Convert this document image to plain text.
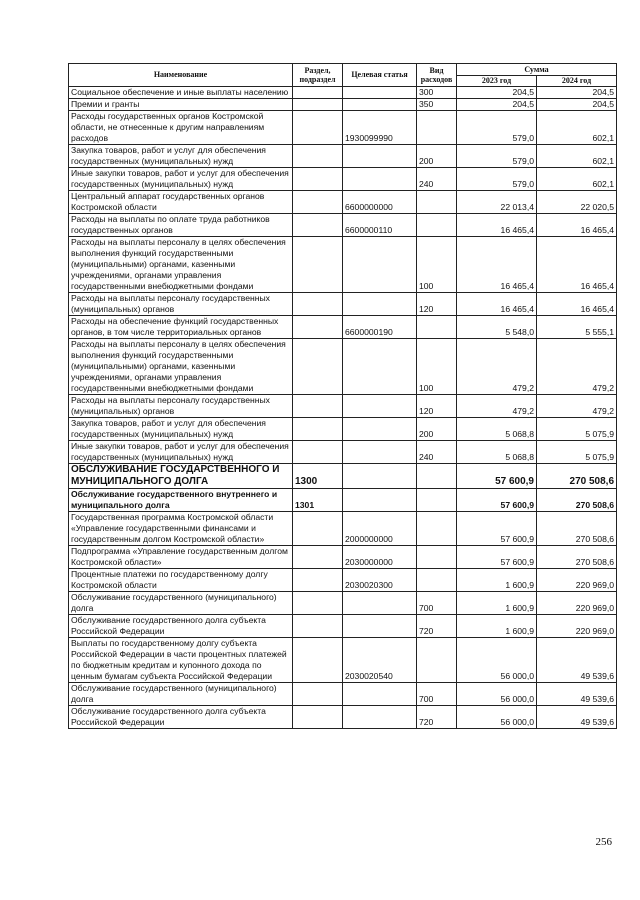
Наименование	Раздел, подраздел	Целевая статья	Вид расходов	Сумма	
				2023 год	2024 год
Социальное обеспечение и иные выплаты населению			300	204,5	204,5
Премии и гранты			350	204,5	204,5
Расходы государственных органов Костромской области, не отнесенные к другим направлениям расходов		1930099990		579,0	602,1
Закупка товаров, работ и услуг для обеспечения государственных (муниципальных) нужд			200	579,0	602,1
Иные закупки товаров, работ и услуг для обеспечения государственных (муниципальных) нужд			240	579,0	602,1
Центральный аппарат государственных органов Костромской области		6600000000		22 013,4	22 020,5
Расходы на выплаты по оплате труда работников государственных органов		6600000110		16 465,4	16 465,4
Расходы на выплаты персоналу в целях обеспечения выполнения функций государственными (муниципальными) органами, казенными учреждениями, органами управления государственными внебюджетными фондами			100	16 465,4	16 465,4
Расходы на выплаты персоналу государственных (муниципальных) органов			120	16 465,4	16 465,4
Расходы на обеспечение функций государственных органов, в том числе территориальных органов		6600000190		5 548,0	5 555,1
Расходы на выплаты персоналу в целях обеспечения выполнения функций государственными (муниципальными) органами, казенными учреждениями, органами управления государственными внебюджетными фондами			100	479,2	479,2
Расходы на выплаты персоналу государственных (муниципальных) органов			120	479,2	479,2
Закупка товаров, работ и услуг для обеспечения государственных (муниципальных) нужд			200	5 068,8	5 075,9
Иные закупки товаров, работ и услуг для обеспечения государственных (муниципальных) нужд			240	5 068,8	5 075,9
ОБСЛУЖИВАНИЕ ГОСУДАРСТВЕННОГО И МУНИЦИПАЛЬНОГО ДОЛГА	1300			57 600,9	270 508,6
Обслуживание государственного внутреннего и муниципального долга	1301			57 600,9	270 508,6
Государственная программа Костромской области «Управление государственными финансами и государственным долгом Костромской области»		2000000000		57 600,9	270 508,6
Подпрограмма «Управление государственным долгом Костромской области»		2030000000		57 600,9	270 508,6
Процентные платежи по государственному долгу Костромской области		2030020300		1 600,9	220 969,0
Обслуживание государственного (муниципального) долга			700	1 600,9	220 969,0
Обслуживание государственного долга субъекта Российской Федерации			720	1 600,9	220 969,0
Выплаты по государственному долгу субъекта Российской Федерации в части процентных платежей по бюджетным кредитам и купонного дохода по ценным бумагам субъекта Российской Федерации		2030020540		56 000,0	49 539,6
Обслуживание государственного (муниципального) долга			700	56 000,0	49 539,6
Обслуживание государственного долга субъекта Российской Федерации			720	56 000,0	49 539,6
256
